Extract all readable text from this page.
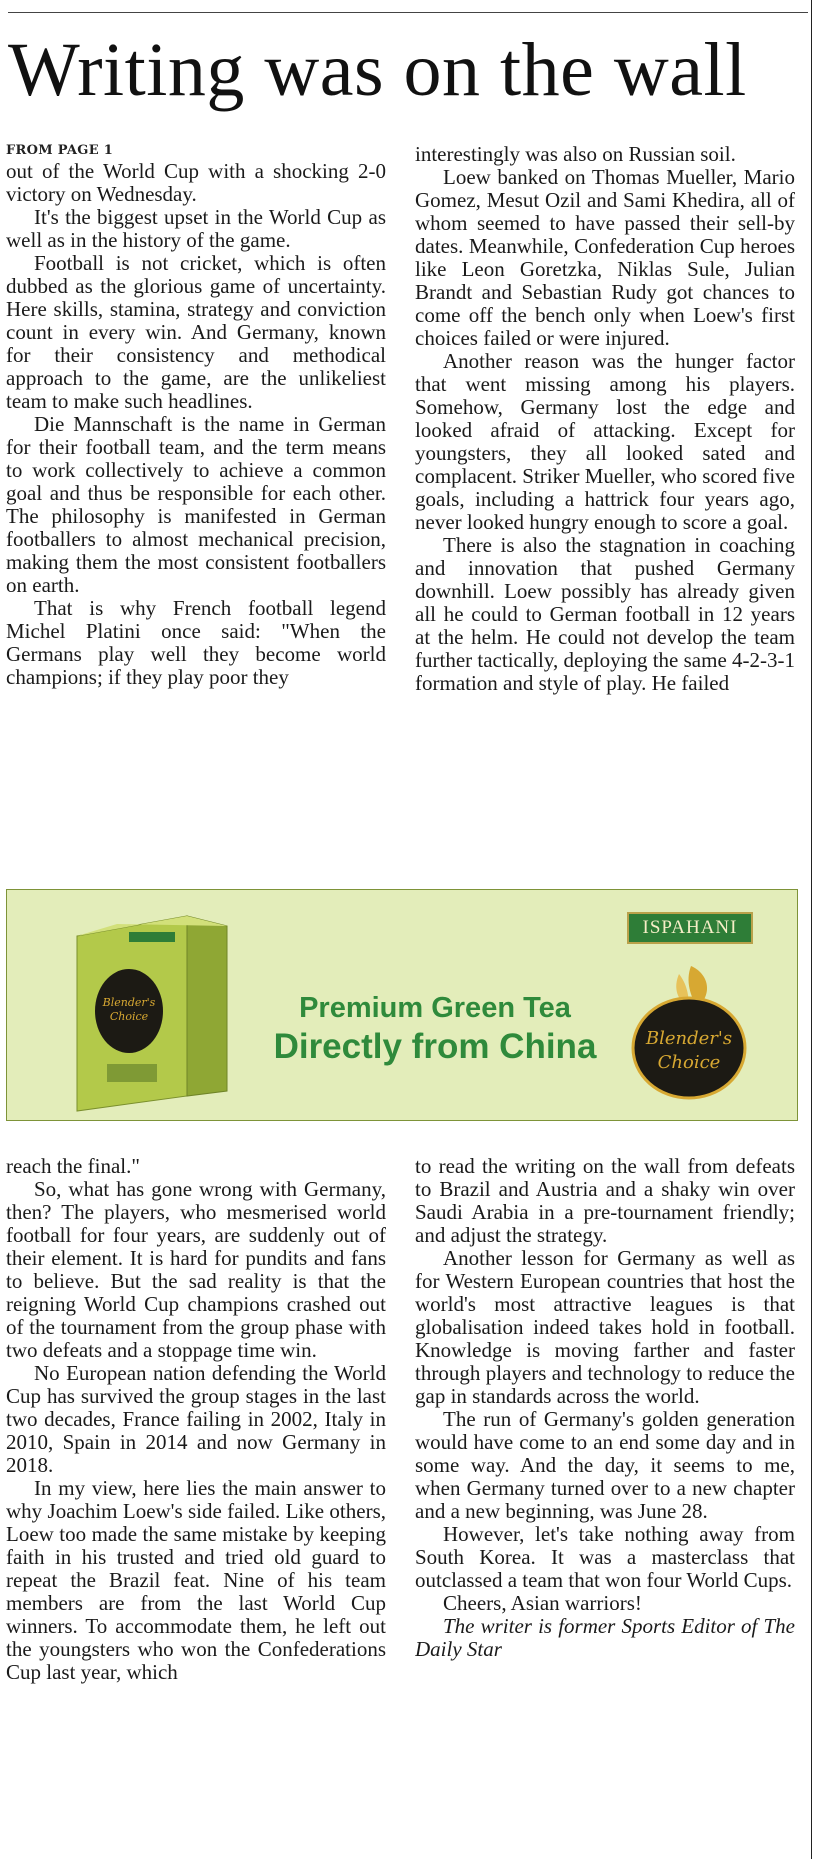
Writing was on the wall
FROM PAGE 1

out of the World Cup with a shocking 2-0 victory on Wednesday.

It's the biggest upset in the World Cup as well as in the history of the game.

Football is not cricket, which is often dubbed as the glorious game of uncertainty. Here skills, stamina, strategy and conviction count in every win. And Germany, known for their consistency and methodical approach to the game, are the unlikeliest team to make such headlines.

Die Mannschaft is the name in German for their football team, and the term means to work collectively to achieve a common goal and thus be responsible for each other. The philosophy is manifested in German footballers to almost mechanical precision, making them the most consistent footballers on earth.

That is why French football legend Michel Platini once said: "When the Germans play well they become world champions; if they play poor they

interestingly was also on Russian soil.

Loew banked on Thomas Mueller, Mario Gomez, Mesut Ozil and Sami Khedira, all of whom seemed to have passed their sell-by dates. Meanwhile, Confederation Cup heroes like Leon Goretzka, Niklas Sule, Julian Brandt and Sebastian Rudy got chances to come off the bench only when Loew's first choices failed or were injured.

Another reason was the hunger factor that went missing among his players. Somehow, Germany lost the edge and looked afraid of attacking. Except for youngsters, they all looked sated and complacent. Striker Mueller, who scored five goals, including a hattrick four years ago, never looked hungry enough to score a goal.

There is also the stagnation in coaching and innovation that pushed Germany downhill. Loew possibly has already given all he could to German football in 12 years at the helm. He could not develop the team further tactically, deploying the same 4-2-3-1 formation and style of play. He failed

Blender's
Choice	Premium Green Tea
Directly from China
ISPAHANI
Blender's
Choice

reach the final."

So, what has gone wrong with Germany, then? The players, who mesmerised world football for four years, are suddenly out of their element. It is hard for pundits and fans to believe. But the sad reality is that the reigning World Cup champions crashed out of the tournament from the group phase with two defeats and a stoppage time win.

No European nation defending the World Cup has survived the group stages in the last two decades, France failing in 2002, Italy in 2010, Spain in 2014 and now Germany in 2018.

In my view, here lies the main answer to why Joachim Loew's side failed. Like others, Loew too made the same mistake by keeping faith in his trusted and tried old guard to repeat the Brazil feat. Nine of his team members are from the last World Cup winners. To accommodate them, he left out the youngsters who won the Confederations Cup last year, which

to read the writing on the wall from defeats to Brazil and Austria and a shaky win over Saudi Arabia in a pre-tournament friendly; and adjust the strategy.

Another lesson for Germany as well as for Western European countries that host the world's most attractive leagues is that globalisation indeed takes hold in football. Knowledge is moving farther and faster through players and technology to reduce the gap in standards across the world.

The run of Germany's golden generation would have come to an end some day and in some way. And the day, it seems to me, when Germany turned over to a new chapter and a new beginning, was June 28.

However, let's take nothing away from South Korea. It was a masterclass that outclassed a team that won four World Cups.

Cheers, Asian warriors!

The writer is former Sports Editor of The Daily Star
